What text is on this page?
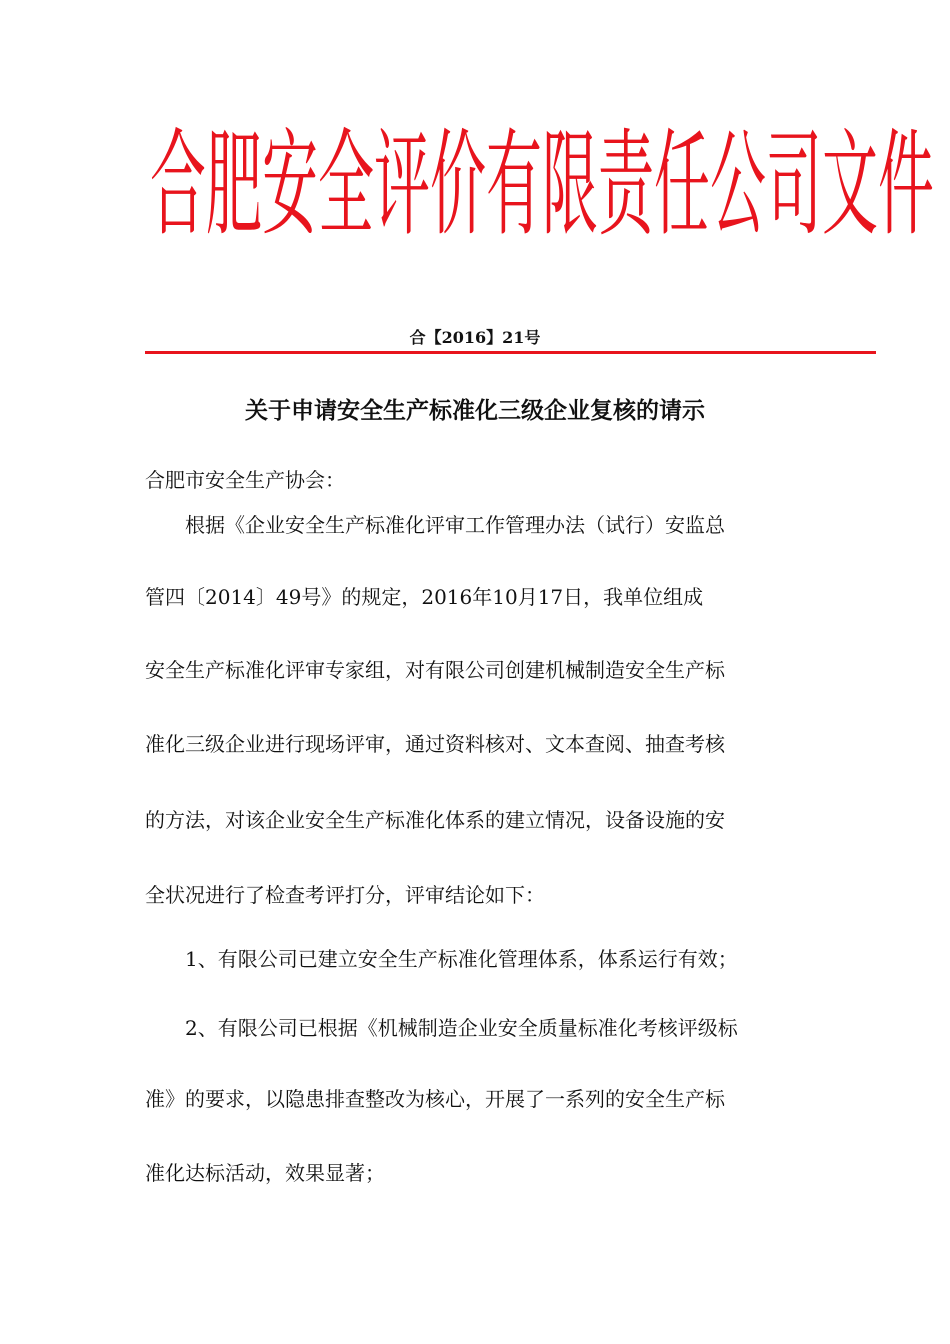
合肥安全评价有限责任公司文件
合【2016】21号
关于申请安全生产标准化三级企业复核的请示
合肥市安全生产协会：
　　根据《企业安全生产标准化评审工作管理办法（试行）安监总
管四〔2014〕49号》的规定，2016年10月17日，我单位组成
安全生产标准化评审专家组，对有限公司创建机械制造安全生产标
准化三级企业进行现场评审，通过资料核对、文本查阅、抽查考核
的方法，对该企业安全生产标准化体系的建立情况，设备设施的安
全状况进行了检查考评打分，评审结论如下：
　　1、有限公司已建立安全生产标准化管理体系，体系运行有效；
　　2、有限公司已根据《机械制造企业安全质量标准化考核评级标
准》的要求，以隐患排查整改为核心，开展了一系列的安全生产标
准化达标活动，效果显著；
